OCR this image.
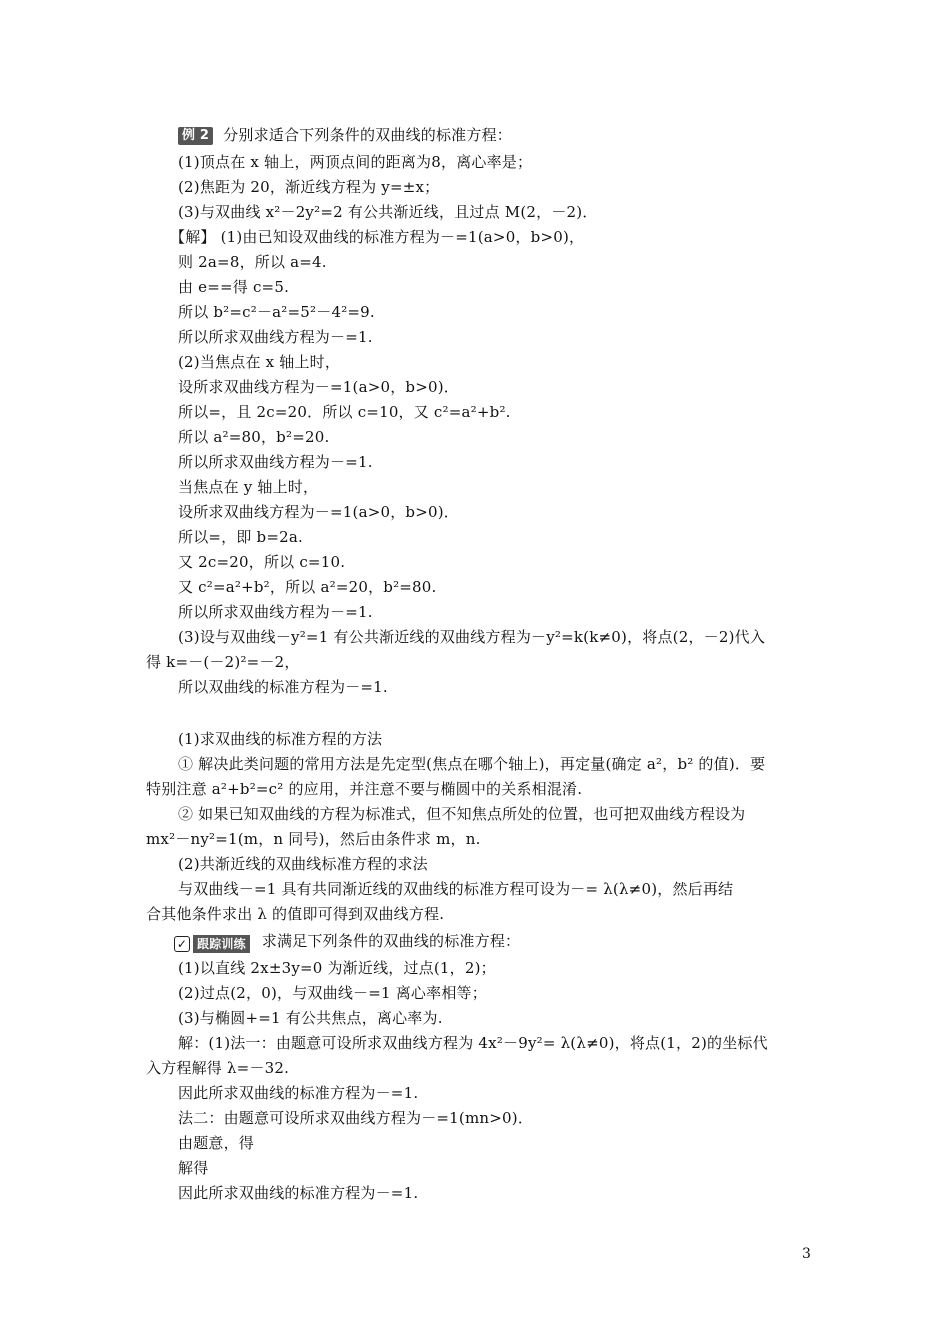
例 2 分别求适合下列条件的双曲线的标准方程：
(1)顶点在 x 轴上，两顶点间的距离为8，离心率是；
(2)焦距为 20，渐近线方程为 y=±x；
(3)与双曲线 x²－2y²=2 有公共渐近线，且过点 M(2，－2)．
【解】 (1)由已知设双曲线的标准方程为－=1(a>0，b>0)，
则 2a=8，所以 a=4.
由 e==得 c=5.
所以 b²=c²－a²=5²－4²=9.
所以所求双曲线方程为－=1.
(2)当焦点在 x 轴上时，
设所求双曲线方程为－=1(a>0，b>0)．
所以=，且 2c=20．所以 c=10，又 c²=a²+b².
所以 a²=80，b²=20.
所以所求双曲线方程为－=1.
当焦点在 y 轴上时，
设所求双曲线方程为－=1(a>0，b>0)．
所以=，即 b=2a.
又 2c=20，所以 c=10.
又 c²=a²+b²，所以 a²=20，b²=80.
所以所求双曲线方程为－=1.
(3)设与双曲线－y²=1 有公共渐近线的双曲线方程为－y²=k(k≠0)，将点(2，－2)代入
得 k=－(－2)²=－2，
所以双曲线的标准方程为－=1.
(1)求双曲线的标准方程的方法
① 解决此类问题的常用方法是先定型(焦点在哪个轴上)，再定量(确定 a²，b² 的值)．要
特别注意 a²+b²=c² 的应用，并注意不要与椭圆中的关系相混淆.
② 如果已知双曲线的方程为标准式，但不知焦点所处的位置，也可把双曲线方程设为
mx²－ny²=1(m，n 同号)，然后由条件求 m，n.
(2)共渐近线的双曲线标准方程的求法
与双曲线－=1 具有共同渐近线的双曲线的标准方程可设为－= λ(λ≠0)，然后再结
合其他条件求出 λ 的值即可得到双曲线方程.
✓ 跟踪训练 求满足下列条件的双曲线的标准方程：
(1)以直线 2x±3y=0 为渐近线，过点(1，2)；
(2)过点(2，0)，与双曲线－=1 离心率相等；
(3)与椭圆+=1 有公共焦点，离心率为.
解：(1)法一：由题意可设所求双曲线方程为 4x²－9y²= λ(λ≠0)，将点(1，2)的坐标代
入方程解得 λ=－32.
因此所求双曲线的标准方程为－=1.
法二：由题意可设所求双曲线方程为－=1(mn>0)．
由题意，得
解得
因此所求双曲线的标准方程为－=1.
3
